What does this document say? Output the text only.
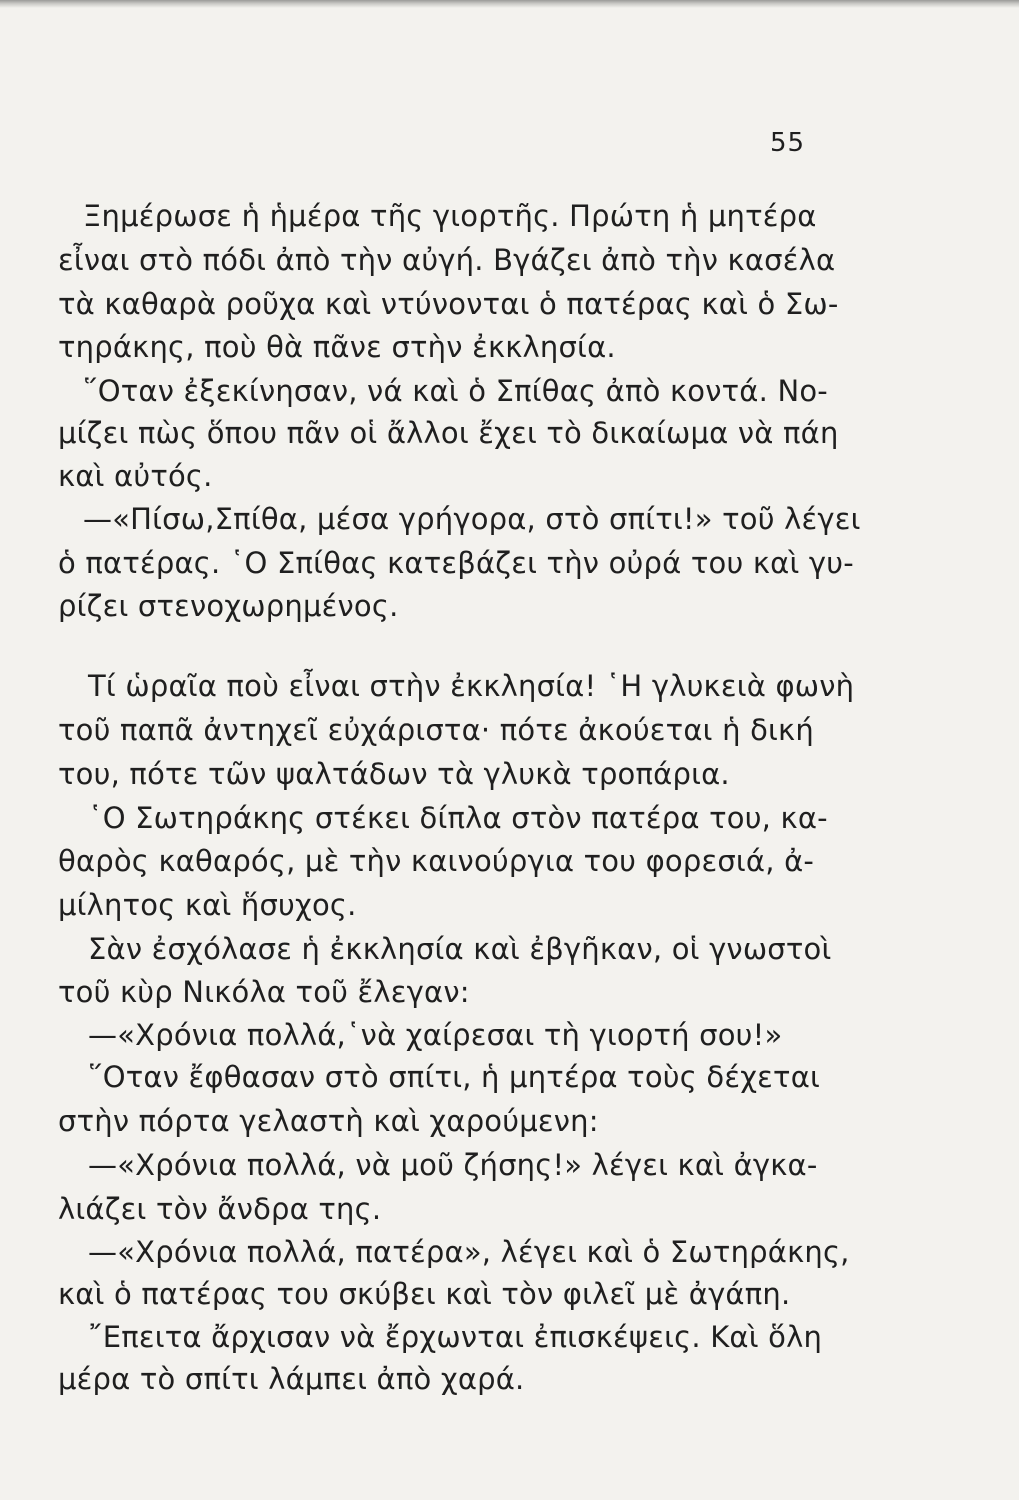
55
Ξημέρωσε ἡ ἡμέρα τῆς γιορτῆς. Πρώτη ἡ μητέρα
εἶναι στὸ πόδι ἀπὸ τὴν αὐγή. Βγάζει ἀπὸ τὴν κασέλα
τὰ καθαρὰ ροῦχα καὶ ντύνονται ὁ πατέρας καὶ ὁ Σω-
τηράκης, ποὺ θὰ πᾶνε στὴν ἐκκλησία.
῞Οταν ἐξεκίνησαν, νά καὶ ὁ Σπίθας ἀπὸ κοντά. Νο-
μίζει πὼς ὅπου πᾶν οἱ ἄλλοι ἔχει τὸ δικαίωμα νὰ πάη
καὶ αὐτός.
—«Πίσω,Σπίθα, μέσα γρήγορα, στὸ σπίτι!» τοῦ λέγει
ὁ πατέρας. ῾Ο Σπίθας κατεβάζει τὴν οὐρά του καὶ γυ-
ρίζει στενοχωρημένος.
Τί ὡραῖα ποὺ εἶναι στὴν ἐκκλησία! ῾Η γλυκειὰ φωνὴ
τοῦ παπᾶ ἀντηχεῖ εὐχάριστα· πότε ἀκούεται ἡ δική
του, πότε τῶν ψαλτάδων τὰ γλυκὰ τροπάρια.
῾Ο Σωτηράκης στέκει δίπλα στὸν πατέρα του, κα-
θαρὸς καθαρός, μὲ τὴν καινούργια του φορεσιά, ἀ-
μίλητος καὶ ἥσυχος.
Σὰν ἐσχόλασε ἡ ἐκκλησία καὶ ἐβγῆκαν, οἱ γνωστοὶ
τοῦ κὺρ Νικόλα τοῦ ἔλεγαν:
—«Χρόνια πολλά,῾νὰ χαίρεσαι τὴ γιορτή σου!»
῞Οταν ἔφθασαν στὸ σπίτι, ἡ μητέρα τοὺς δέχεται
στὴν πόρτα γελαστὴ καὶ χαρούμενη:
—«Χρόνια πολλά, νὰ μοῦ ζήσης!» λέγει καὶ ἀγκα-
λιάζει τὸν ἄνδρα της.
—«Χρόνια πολλά, πατέρα», λέγει καὶ ὁ Σωτηράκης,
καὶ ὁ πατέρας του σκύβει καὶ τὸν φιλεῖ μὲ ἀγάπη.
῎Επειτα ἄρχισαν νὰ ἔρχωνται ἐπισκέψεις. Καὶ ὅλη
μέρα τὸ σπίτι λάμπει ἀπὸ χαρά.
